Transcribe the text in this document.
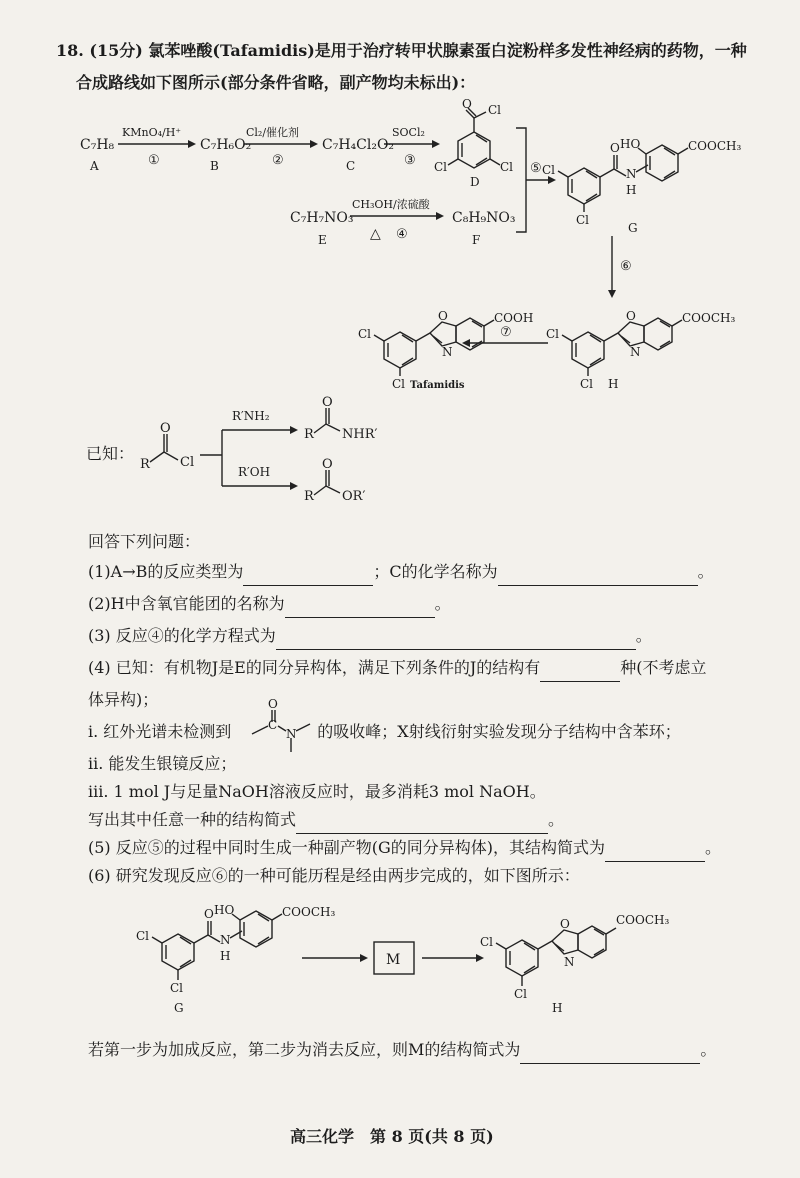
18. (15分) 氯苯唑酸(Tafamidis)是用于治疗转甲状腺素蛋白淀粉样多发性神经病的药物，一种
合成路线如下图所示(部分条件省略，副产物均未标出)：
C₇H₈
A
C₇H₆O₂
B
C₇H₄Cl₂O₂
C
D
KMnO₄/H⁺
①
Cl₂/催化剂
②
SOCl₂
③
C₇H₇NO₃
E
CH₃OH/浓硫酸
△ ④
C₈H₉NO₃
F
⑤
⑥
⑦
O Cl
Cl	Cl Cl
Cl
O
N
H
HO	COOCH₃
G
Cl
Cl
O
N
COOCH₃
H
Cl
Cl
O
N
COOH
Tafamidis
R
O
Cl
R′NH₂
R′OH
R
O
NHR′
R
O
OR′
O
C
N
Cl
Cl
O
N
H
HO	COOCH₃
G
M
Cl
Cl
O
N
COOCH₃
H
已知：
回答下列问题：
(1)A→B的反应类型为	；C的化学名称为	。
(2)H中含氧官能团的名称为	。
(3) 反应④的化学方程式为	。
(4) 已知：有机物J是E的同分异构体，满足下列条件的J的结构有	种(不考虑立
体异构)；
i. 红外光谱未检测到	的吸收峰；X射线衍射实验发现分子结构中含苯环；
ii. 能发生银镜反应；
iii. 1 mol J与足量NaOH溶液反应时，最多消耗3 mol NaOH。
写出其中任意一种的结构简式	。
(5) 反应⑤的过程中同时生成一种副产物(G的同分异构体)，其结构简式为	。
(6) 研究发现反应⑥的一种可能历程是经由两步完成的，如下图所示：
若第一步为加成反应，第二步为消去反应，则M的结构简式为	。
高三化学　第 8 页(共 8 页)
